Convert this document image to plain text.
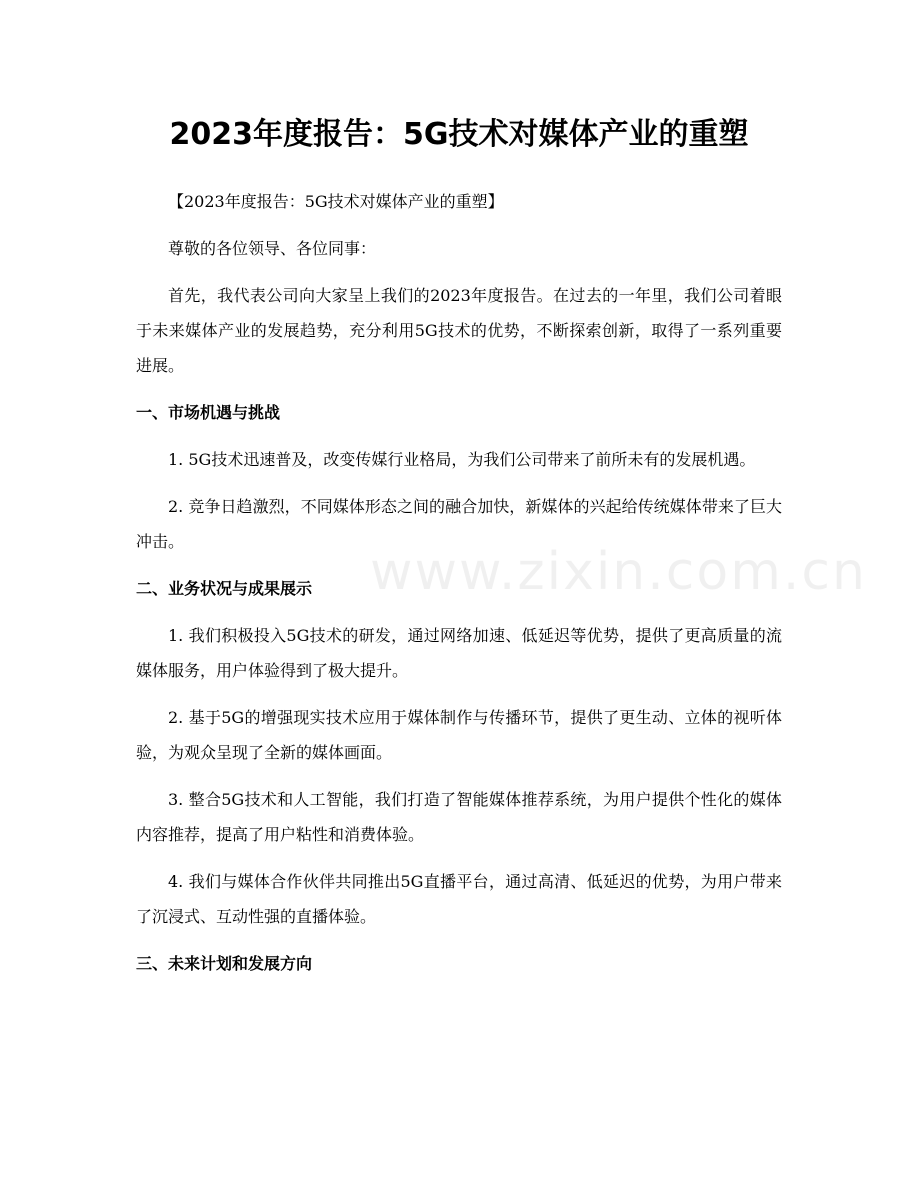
2023年度报告：5G技术对媒体产业的重塑

【2023年度报告：5G技术对媒体产业的重塑】

尊敬的各位领导、各位同事：

首先，我代表公司向大家呈上我们的2023年度报告。在过去的一年里，我们公司着眼于未来媒体产业的发展趋势，充分利用5G技术的优势，不断探索创新，取得了一系列重要进展。

一、市场机遇与挑战

1. 5G技术迅速普及，改变传媒行业格局，为我们公司带来了前所未有的发展机遇。

2. 竞争日趋激烈，不同媒体形态之间的融合加快，新媒体的兴起给传统媒体带来了巨大冲击。

二、业务状况与成果展示

1. 我们积极投入5G技术的研发，通过网络加速、低延迟等优势，提供了更高质量的流媒体服务，用户体验得到了极大提升。

2. 基于5G的增强现实技术应用于媒体制作与传播环节，提供了更生动、立体的视听体验，为观众呈现了全新的媒体画面。

3. 整合5G技术和人工智能，我们打造了智能媒体推荐系统，为用户提供个性化的媒体内容推荐，提高了用户粘性和消费体验。

4. 我们与媒体合作伙伴共同推出5G直播平台，通过高清、低延迟的优势，为用户带来了沉浸式、互动性强的直播体验。

三、未来计划和发展方向
www.zixin.com.cn
